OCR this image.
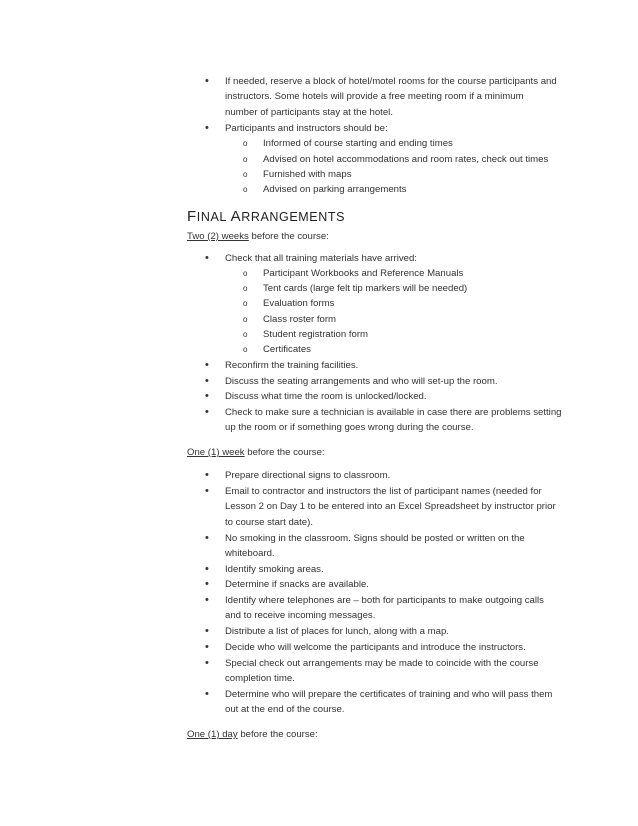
• If needed, reserve a block of hotel/motel rooms for the course participants and
instructors. Some hotels will provide a free meeting room if a minimum
number of participants stay at the hotel.
• Participants and instructors should be:
o Informed of course starting and ending times
o Advised on hotel accommodations and room rates, check out times
o Furnished with maps
o Advised on parking arrangements
FINAL ARRANGEMENTS
Two (2) weeks before the course:
• Check that all training materials have arrived:
o Participant Workbooks and Reference Manuals
o Tent cards (large felt tip markers will be needed)
o Evaluation forms
o Class roster form
o Student registration form
o Certificates
• Reconfirm the training facilities.
• Discuss the seating arrangements and who will set-up the room.
• Discuss what time the room is unlocked/locked.
• Check to make sure a technician is available in case there are problems setting
up the room or if something goes wrong during the course.
One (1) week before the course:
• Prepare directional signs to classroom.
• Email to contractor and instructors the list of participant names (needed for
Lesson 2 on Day 1 to be entered into an Excel Spreadsheet by instructor prior
to course start date).
• No smoking in the classroom. Signs should be posted or written on the
whiteboard.
• Identify smoking areas.
• Determine if snacks are available.
• Identify where telephones are – both for participants to make outgoing calls
and to receive incoming messages.
• Distribute a list of places for lunch, along with a map.
• Decide who will welcome the participants and introduce the instructors.
• Special check out arrangements may be made to coincide with the course
completion time.
• Determine who will prepare the certificates of training and who will pass them
out at the end of the course.
One (1) day before the course:
